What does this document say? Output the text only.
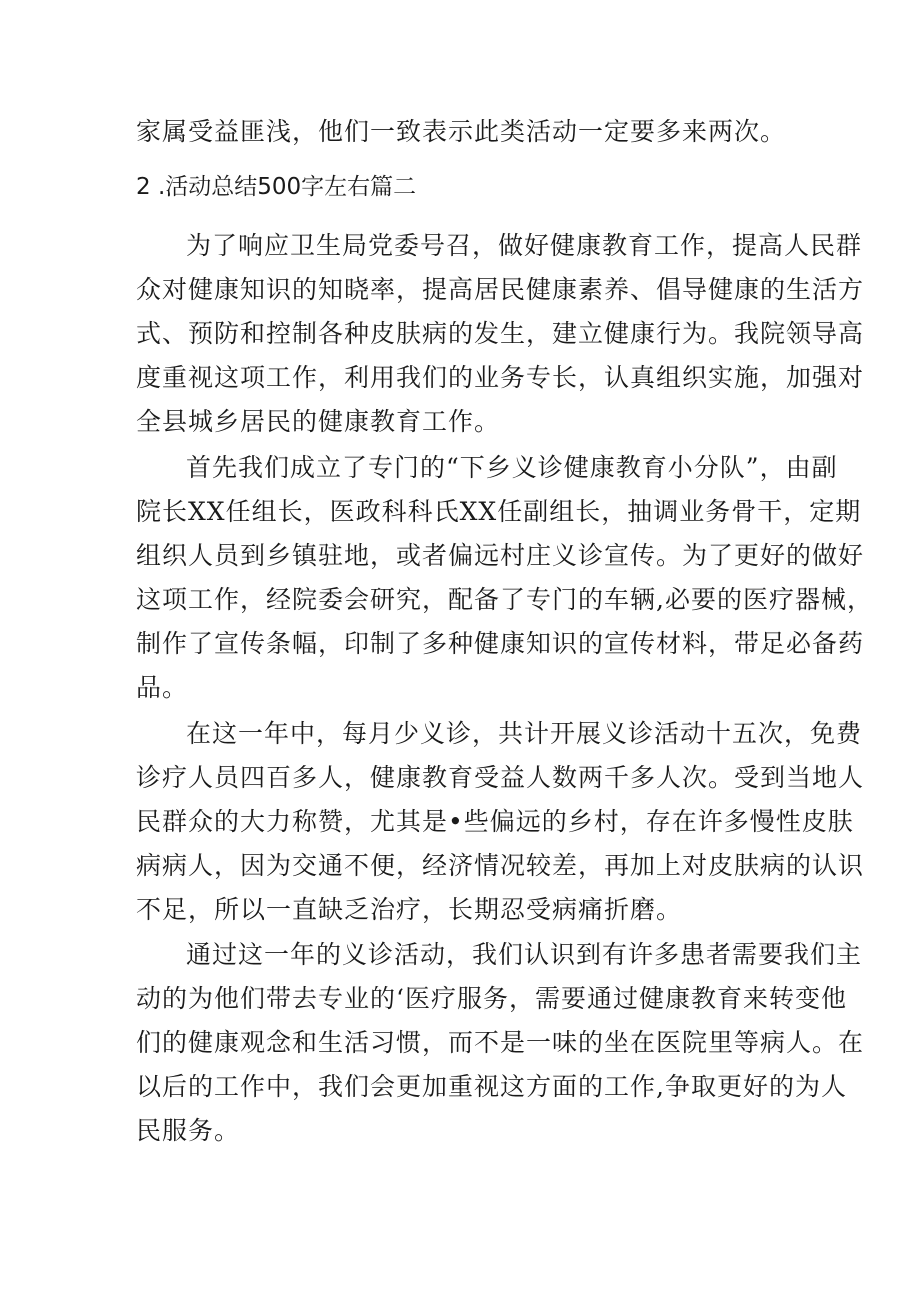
家属受益匪浅，他们一致表示此类活动一定要多来两次。
2 .活动总结500字左右篇二
为了响应卫生局党委号召，做好健康教育工作，提高人民群
众对健康知识的知晓率，提高居民健康素养、倡导健康的生活方
式、预防和控制各种皮肤病的发生，建立健康行为。我院领导高
度重视这项工作，利用我们的业务专长，认真组织实施，加强对
全县城乡居民的健康教育工作。
首先我们成立了专门的“下乡义诊健康教育小分队”，由副
院长XX任组长，医政科科氏XX任副组长，抽调业务骨干，定期
组织人员到乡镇驻地，或者偏远村庄义诊宣传。为了更好的做好
这项工作，经院委会研究，配备了专门的车辆,必要的医疗器械，
制作了宣传条幅，印制了多种健康知识的宣传材料，带足必备药
品。
在这一年中，每月少义诊，共计开展义诊活动十五次，免费
诊疗人员四百多人，健康教育受益人数两千多人次。受到当地人
民群众的大力称赞，尤其是•些偏远的乡村，存在许多慢性皮肤
病病人，因为交通不便，经济情况较差，再加上对皮肤病的认识
不足，所以一直缺乏治疗，长期忍受病痛折磨。
通过这一年的义诊活动，我们认识到有许多患者需要我们主
动的为他们带去专业的‘医疗服务，需要通过健康教育来转变他
们的健康观念和生活习惯，而不是一味的坐在医院里等病人。在
以后的工作中，我们会更加重视这方面的工作,争取更好的为人
民服务。
